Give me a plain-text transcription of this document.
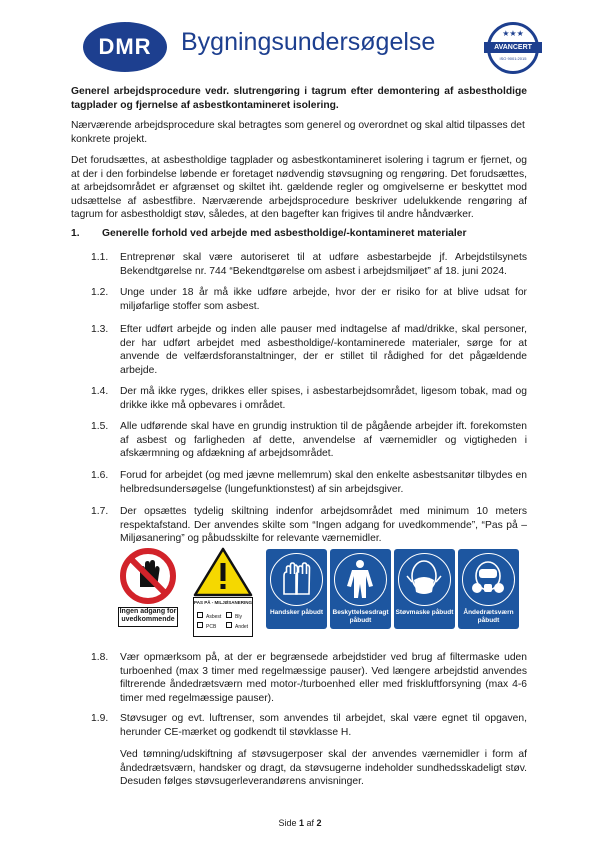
DMR Bygningsundersøgelse	★★★
AVANCERT
ISO 9001:2015
Generel arbejdsprocedure vedr. slutrengøring i tagrum efter demontering af asbestholdige tagplader og fjernelse af asbestkontamineret isolering.
Nærværende arbejdsprocedure skal betragtes som generel og overordnet og skal altid tilpasses det konkrete projekt.
Det forudsættes, at asbestholdige tagplader og asbestkontamineret isolering i tagrum er fjernet, og at der i den forbindelse løbende er foretaget nødvendig støvsugning og rengøring. Det forudsættes, at arbejdsområdet er afgrænset og skiltet iht. gældende regler og omgivelserne er beskyttet mod udsættelse af asbestfibre. Nærværende arbejdsprocedure beskriver udelukkende rengøring af tagrum for asbestholdigt støv, således, at den bagefter kan frigives til andre håndværker.
1. Generelle forhold ved arbejde med asbestholdige/-kontamineret materialer
1.1. Entreprenør skal være autoriseret til at udføre asbestarbejde jf. Arbejdstilsynets Bekendtgørelse nr. 744 “Bekendtgørelse om asbest i arbejdsmiljøet” af 18. juni 2024.
1.2. Unge under 18 år må ikke udføre arbejde, hvor der er risiko for at blive udsat for miljøfarlige stoffer som asbest.
1.3. Efter udført arbejde og inden alle pauser med indtagelse af mad/drikke, skal personer, der har udført arbejdet med asbestholdige/-kontaminerede materialer, sørge for at anvende de velfærdsforanstaltninger, der er stillet til rådighed for det pågældende arbejde.
1.4. Der må ikke ryges, drikkes eller spises, i asbestarbejdsområdet, ligesom tobak, mad og drikke ikke må opbevares i området.
1.5. Alle udførende skal have en grundig instruktion til de pågående arbejder ift. forekomsten af asbest og farligheden af dette, anvendelse af værnemidler og vigtigheden i afskærmning og afdækning af arbejdsområdet.
1.6. Forud for arbejdet (og med jævne mellemrum) skal den enkelte asbestsanitør tilbydes en helbredsundersøgelse (lungefunktionstest) af sin arbejdsgiver.
1.7. Der opsættes tydelig skiltning indenfor arbejdsområdet med minimum 10 meters respektafstand. Der anvendes skilte som “Ingen adgang for uvedkommende”, “Pas på – Miljøsanering” og påbudsskilte for relevante værnemidler.
Ingen adgang for uvedkommende
PAS PÅ - MILJØSANERING
Asbest	Bly
PCB	Andet
Handsker påbudt	Beskyttelsesdragt påbudt
Støvmaske påbudt	Åndedrætsværn påbudt
1.8. Vær opmærksom på, at der er begrænsede arbejdstider ved brug af filtermaske uden turboenhed (max 3 timer med regelmæssige pauser). Ved længere arbejdstid anvendes filtrerende åndedrætsværn med motor-/turboenhed eller med friskluftforsyning (max 4-6 timer med regelmæssige pauser).
1.9. Støvsuger og evt. luftrenser, som anvendes til arbejdet, skal være egnet til opgaven, herunder CE-mærket og godkendt til støvklasse H.
Ved tømning/udskiftning af støvsugerposer skal der anvendes værnemidler i form af åndedrætsværn, handsker og dragt, da støvsugerne indeholder sundhedsskadeligt støv. Desuden følges støvsugerleverandørens anvisninger.
Side 1 af 2
